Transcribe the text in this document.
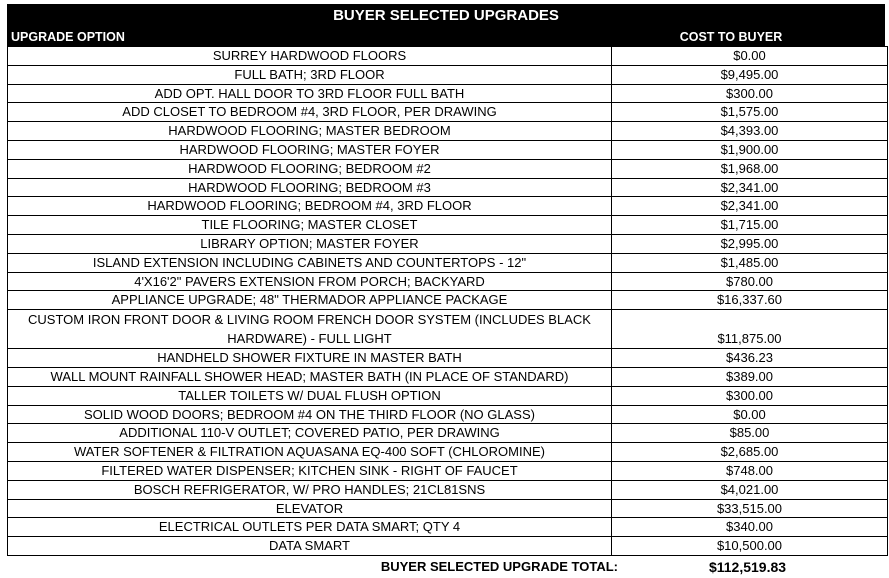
BUYER SELECTED UPGRADES
UPGRADE OPTION	COST TO BUYER
SURREY HARDWOOD FLOORS	$0.00
FULL BATH; 3RD FLOOR	$9,495.00
ADD OPT. HALL DOOR TO 3RD FLOOR FULL BATH	$300.00
ADD CLOSET TO BEDROOM #4, 3RD FLOOR, PER DRAWING	$1,575.00
HARDWOOD FLOORING; MASTER BEDROOM	$4,393.00
HARDWOOD FLOORING; MASTER FOYER	$1,900.00
HARDWOOD FLOORING; BEDROOM #2	$1,968.00
HARDWOOD FLOORING; BEDROOM #3	$2,341.00
HARDWOOD FLOORING; BEDROOM #4, 3RD FLOOR	$2,341.00
TILE FLOORING; MASTER CLOSET	$1,715.00
LIBRARY OPTION; MASTER FOYER	$2,995.00
ISLAND EXTENSION INCLUDING CABINETS AND COUNTERTOPS - 12"	$1,485.00
4'X16'2" PAVERS EXTENSION FROM PORCH; BACKYARD	$780.00
APPLIANCE UPGRADE; 48" THERMADOR APPLIANCE PACKAGE	$16,337.60
CUSTOM IRON FRONT DOOR & LIVING ROOM FRENCH DOOR SYSTEM (INCLUDES BLACK
HARDWARE) - FULL LIGHT	$11,875.00
HANDHELD SHOWER FIXTURE IN MASTER BATH	$436.23
WALL MOUNT RAINFALL SHOWER HEAD; MASTER BATH (IN PLACE OF STANDARD)	$389.00
TALLER TOILETS W/ DUAL FLUSH OPTION	$300.00
SOLID WOOD DOORS; BEDROOM #4 ON THE THIRD FLOOR (NO GLASS)	$0.00
ADDITIONAL 110-V OUTLET; COVERED PATIO, PER DRAWING	$85.00
WATER SOFTENER & FILTRATION AQUASANA EQ-400 SOFT (CHLOROMINE)	$2,685.00
FILTERED WATER DISPENSER; KITCHEN SINK - RIGHT OF FAUCET	$748.00
BOSCH REFRIGERATOR, W/ PRO HANDLES; 21CL81SNS	$4,021.00
ELEVATOR	$33,515.00
ELECTRICAL OUTLETS PER DATA SMART; QTY 4	$340.00
DATA SMART	$10,500.00
BUYER SELECTED UPGRADE TOTAL:	$112,519.83
